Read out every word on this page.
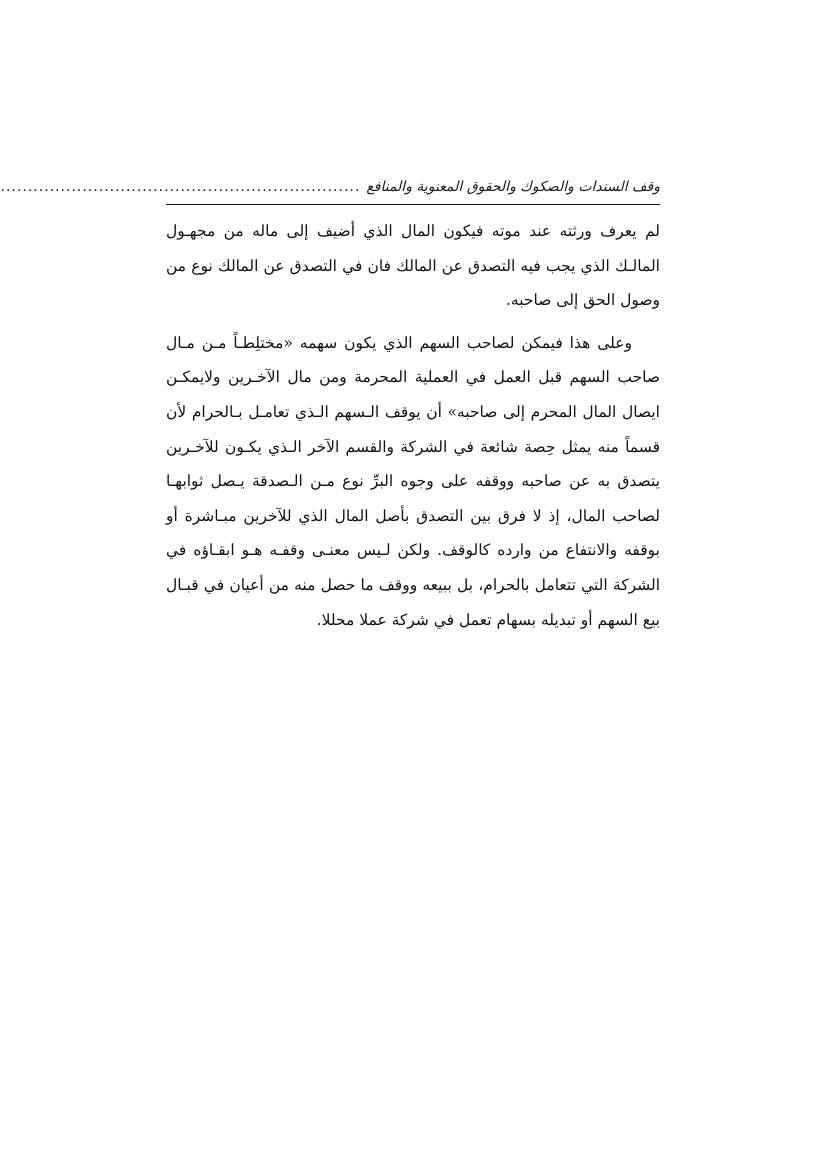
وقف السندات والصكوك والحقوق المعنوية والمنافع
..................................................................

لم يعرف ورثته عند موته فيكون المال الذي أضيف إلى ماله من مجهـول المالـك الذي يجب فيه التصدق عن المالك فان في التصدق عن المالك نوع من وصول الحق إلى صاحبه.

وعلى هذا فيمكن لصاحب السهم الذي يكون سهمه «مختلِطـاً مـن مـال صاحب السهم قبل العمل في العملية المحرمة ومن مال الآخـرين ولايمكـن ايصال المال المحرم إلى صاحبه» أن يوقف الـسهم الـذي تعامـل بـالحرام لأن قسماً منه يمثل حِصة شائعة في الشركة والقسم الآخر الـذي يكـون للآخـرين يتصدق به عن صاحبه ووقفه على وجوه البرِّ نوع مـن الـصدقة يـصل ثوابهـا لصاحب المال، إذ لا فرق بين التصدق بأصل المال الذي للآخرين مبـاشرة أو بوقفه والانتفاع من وارده كالوقف. ولكن لـيس معنـى وقفـه هـو ابقـاؤه في الشركة التي تتعامل بالحرام، بل ببيعه ووقف ما حصل منه من أعيان في قبـال بيع السهم أو تبديله بسهام تعمل في شركة عملا محللا.
